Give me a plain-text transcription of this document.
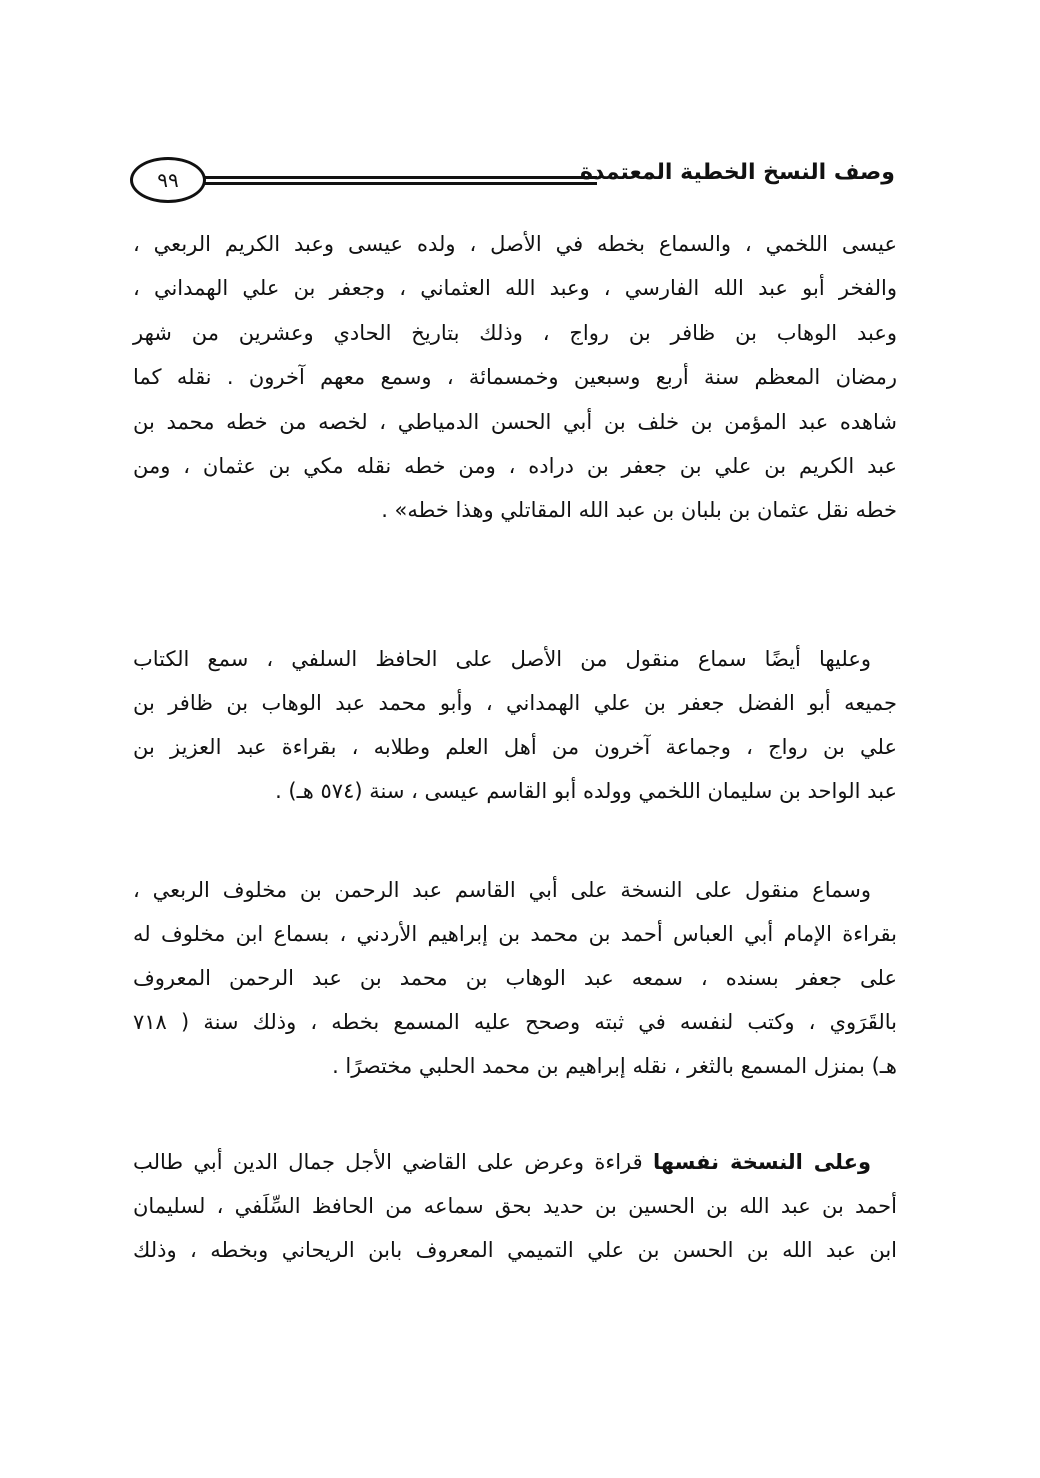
وصف النسخ الخطية المعتمدة
٩٩
عيسى اللخمي ، والسماع بخطه في الأصل ، ولده عيسى وعبد الكريم الربعي ،
والفخر أبو عبد الله الفارسي ، وعبد الله العثماني ، وجعفر بن علي الهمداني ،
وعبد الوهاب بن ظافر بن رواج ، وذلك بتاريخ الحادي وعشرين من شهر
رمضان المعظم سنة أربع وسبعين وخمسمائة ، وسمع معهم آخرون . نقله كما
شاهده عبد المؤمن بن خلف بن أبي الحسن الدمياطي ، لخصه من خطه محمد بن
عبد الكريم بن علي بن جعفر بن دراده ، ومن خطه نقله مكي بن عثمان ، ومن
خطه نقل عثمان بن بلبان بن عبد الله المقاتلي وهذا خطه» .
وعليها أيضًا سماع منقول من الأصل على الحافظ السلفي ، سمع الكتاب
جميعه أبو الفضل جعفر بن علي الهمداني ، وأبو محمد عبد الوهاب بن ظافر بن
علي بن رواج ، وجماعة آخرون من أهل العلم وطلابه ، بقراءة عبد العزيز بن
عبد الواحد بن سليمان اللخمي وولده أبو القاسم عيسى ، سنة (٥٧٤ هـ) .
وسماع منقول على النسخة على أبي القاسم عبد الرحمن بن مخلوف الربعي ،
بقراءة الإمام أبي العباس أحمد بن محمد بن إبراهيم الأردني ، بسماع ابن مخلوف له
على جعفر بسنده ، سمعه عبد الوهاب بن محمد بن عبد الرحمن المعروف
بالقَرَوي ، وكتب لنفسه في ثبته وصحح عليه المسمع بخطه ، وذلك سنة ( ٧١٨
هـ) بمنزل المسمع بالثغر ، نقله إبراهيم بن محمد الحلبي مختصرًا .
وعلى النسخة نفسها قراءة وعرض على القاضي الأجل جمال الدين أبي طالب
أحمد بن عبد الله بن الحسين بن حديد بحق سماعه من الحافظ السِّلَفي ، لسليمان
ابن عبد الله بن الحسن بن علي التميمي المعروف بابن الريحاني وبخطه ، وذلك
